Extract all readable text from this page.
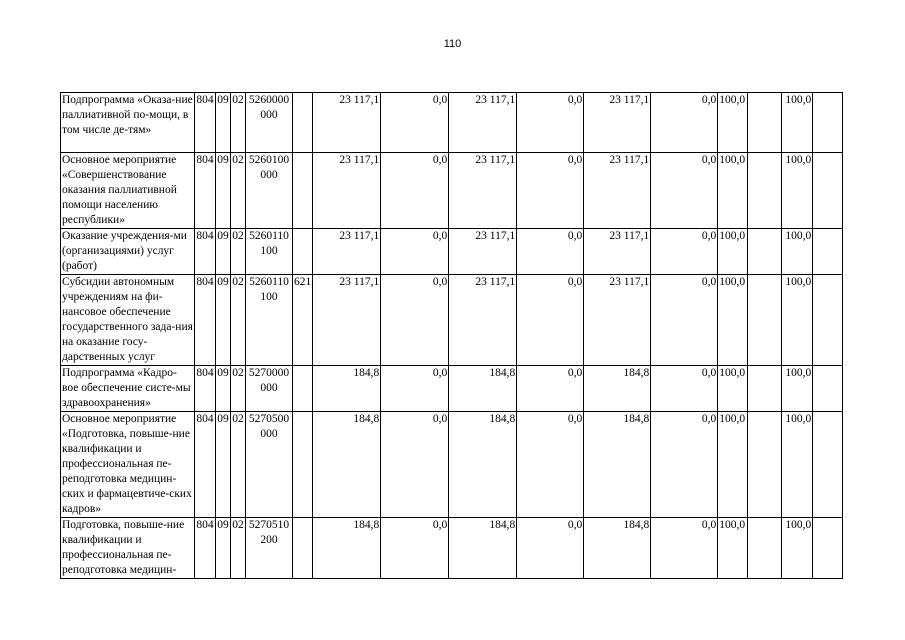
110
Подпрограмма «Оказа-ние паллиативной по-мощи, в том числе де-тям»	804	09	02	5260000 000		23 117,1	0,0	23 117,1	0,0	23 117,1	0,0	100,0		100,0	
Основное мероприятие «Совершенствование оказания паллиативной помощи населению республики»	804	09	02	5260100 000		23 117,1	0,0	23 117,1	0,0	23 117,1	0,0	100,0		100,0	
Оказание учреждения-ми (организациями) услуг (работ)	804	09	02	5260110 100		23 117,1	0,0	23 117,1	0,0	23 117,1	0,0	100,0		100,0	
Субсидии автономным учреждениям на фи-нансовое обеспечение государственного зада-ния на оказание госу-дарственных услуг	804	09	02	5260110 100	621	23 117,1	0,0	23 117,1	0,0	23 117,1	0,0	100,0		100,0	
Подпрограмма «Кадро-вое обеспечение систе-мы здравоохранения»	804	09	02	5270000 000		184,8	0,0	184,8	0,0	184,8	0,0	100,0		100,0	
Основное мероприятие «Подготовка, повыше-ние квалификации и профессиональная пе-реподготовка медицин-ских и фармацевтиче-ских кадров»	804	09	02	5270500 000		184,8	0,0	184,8	0,0	184,8	0,0	100,0		100,0	
Подготовка, повыше-ние квалификации и профессиональная пе-реподготовка медицин-	804	09	02	5270510 200		184,8	0,0	184,8	0,0	184,8	0,0	100,0		100,0	
